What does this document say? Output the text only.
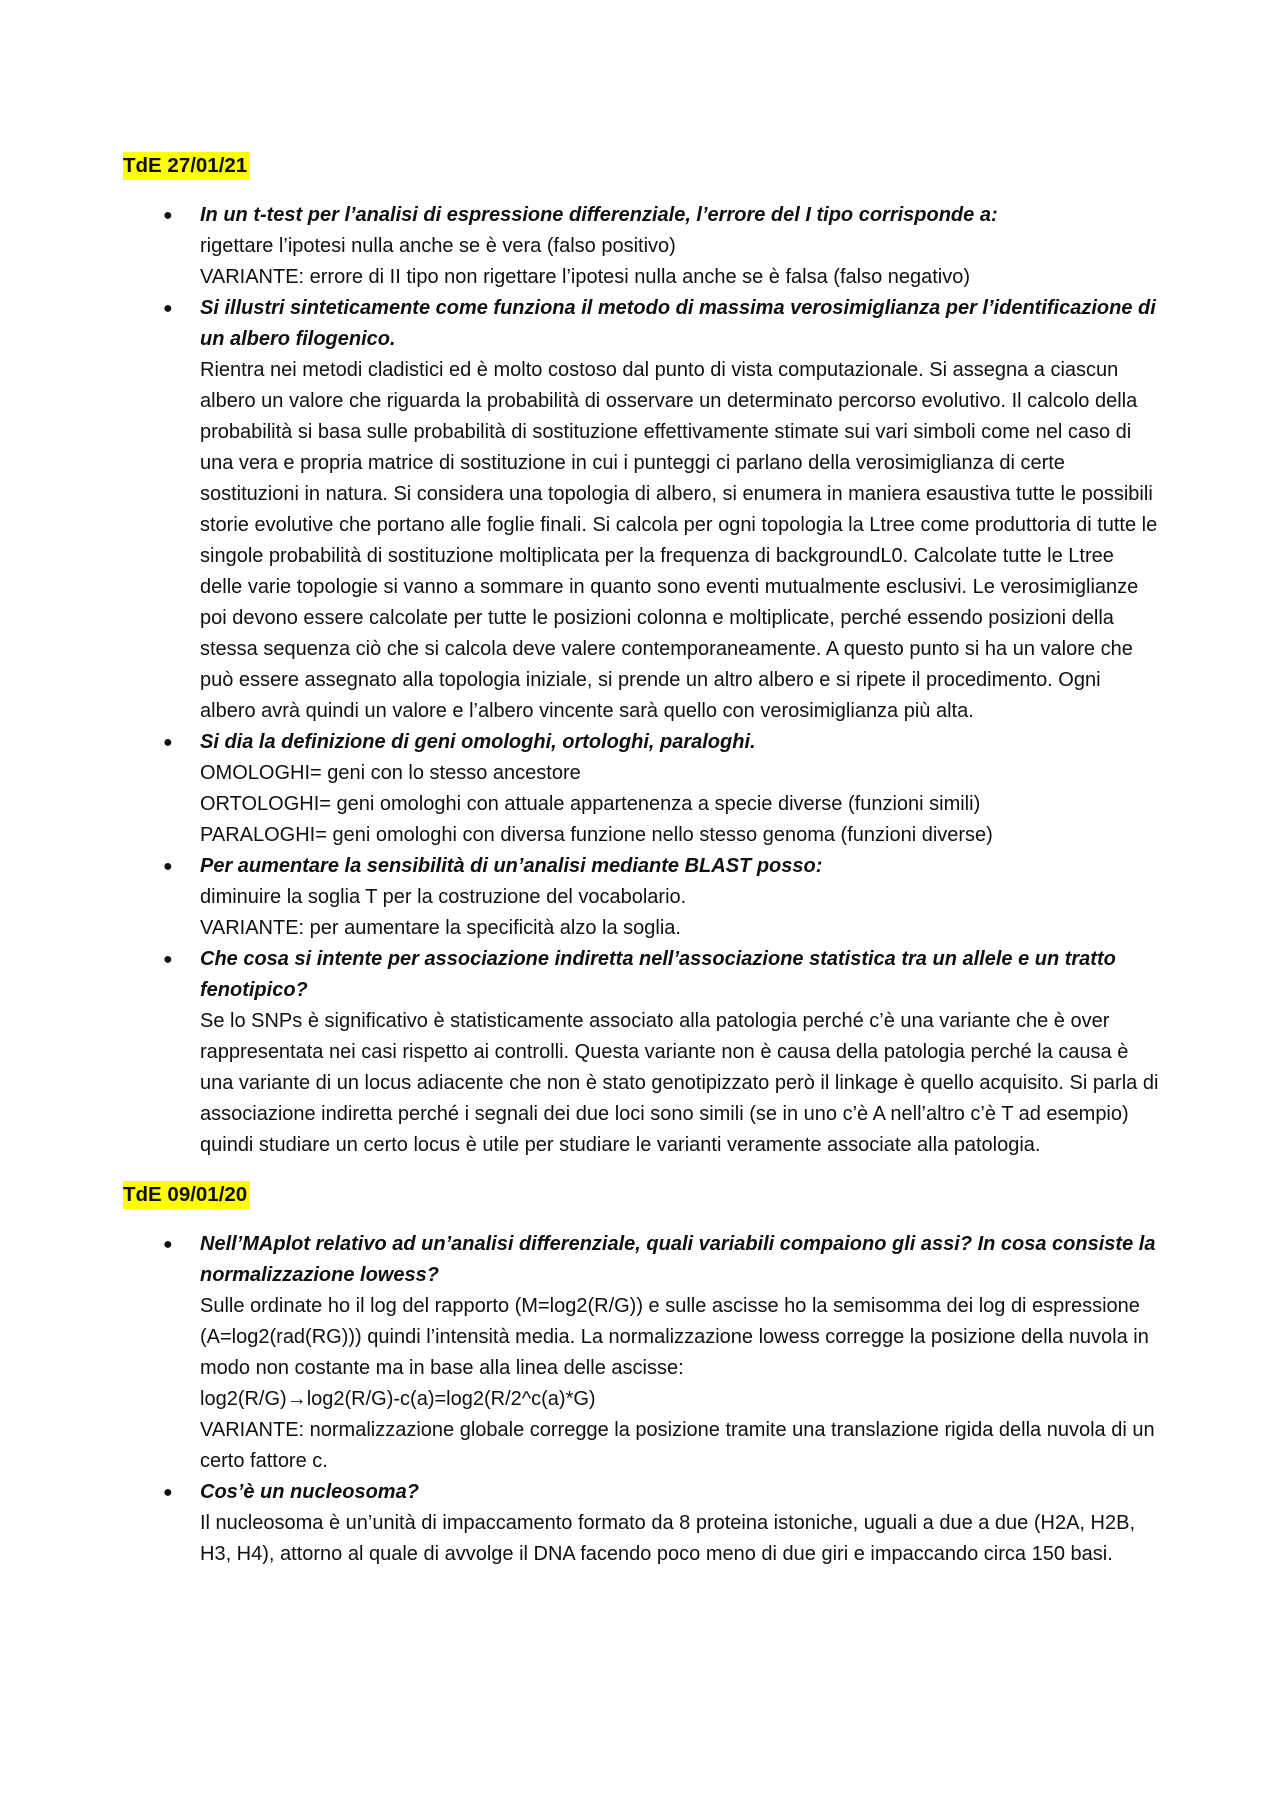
TdE 27/01/21
● In un t-test per l’analisi di espressione differenziale, l’errore del I tipo corrisponde a:

rigettare l’ipotesi nulla anche se è vera (falso positivo)

VARIANTE: errore di II tipo non rigettare l’ipotesi nulla anche se è falsa (falso negativo)

● Si illustri sinteticamente come funziona il metodo di massima verosimiglianza per l’identificazione di un albero filogenico.

Rientra nei metodi cladistici ed è molto costoso dal punto di vista computazionale. Si assegna a ciascun albero un valore che riguarda la probabilità di osservare un determinato percorso evolutivo. Il calcolo della probabilità si basa sulle probabilità di sostituzione effettivamente stimate sui vari simboli come nel caso di una vera e propria matrice di sostituzione in cui i punteggi ci parlano della verosimiglianza di certe sostituzioni in natura. Si considera una topologia di albero, si enumera in maniera esaustiva tutte le possibili storie evolutive che portano alle foglie finali. Si calcola per ogni topologia la Ltree come produttoria di tutte le singole probabilità di sostituzione moltiplicata per la frequenza di backgroundL0. Calcolate tutte le Ltree delle varie topologie si vanno a sommare in quanto sono eventi mutualmente esclusivi. Le verosimiglianze poi devono essere calcolate per tutte le posizioni colonna e moltiplicate, perché essendo posizioni della stessa sequenza ciò che si calcola deve valere contemporaneamente. A questo punto si ha un valore che può essere assegnato alla topologia iniziale, si prende un altro albero e si ripete il procedimento. Ogni albero avrà quindi un valore e l’albero vincente sarà quello con verosimiglianza più alta.

● Si dia la definizione di geni omologhi, ortologhi, paraloghi.

OMOLOGHI= geni con lo stesso ancestore

ORTOLOGHI= geni omologhi con attuale appartenenza a specie diverse (funzioni simili)

PARALOGHI= geni omologhi con diversa funzione nello stesso genoma (funzioni diverse)

● Per aumentare la sensibilità di un’analisi mediante BLAST posso:

diminuire la soglia T per la costruzione del vocabolario.

VARIANTE: per aumentare la specificità alzo la soglia.

● Che cosa si intente per associazione indiretta nell’associazione statistica tra un allele e un tratto fenotipico?

Se lo SNPs è significativo è statisticamente associato alla patologia perché c’è una variante che è over rappresentata nei casi rispetto ai controlli. Questa variante non è causa della patologia perché la causa è una variante di un locus adiacente che non è stato genotipizzato però il linkage è quello acquisito. Si parla di associazione indiretta perché i segnali dei due loci sono simili (se in uno c’è A nell’altro c’è T ad esempio) quindi studiare un certo locus è utile per studiare le varianti veramente associate alla patologia.

TdE 09/01/20
● Nell’MAplot relativo ad un’analisi differenziale, quali variabili compaiono gli assi? In cosa consiste la normalizzazione lowess?

Sulle ordinate ho il log del rapporto (M=log2(R/G)) e sulle ascisse ho la semisomma dei log di espressione (A=log2(rad(RG))) quindi l’intensità media. La normalizzazione lowess corregge la posizione della nuvola in modo non costante ma in base alla linea delle ascisse:

log2(R/G)→log2(R/G)-c(a)=log2(R/2^c(a)*G)

VARIANTE: normalizzazione globale corregge la posizione tramite una translazione rigida della nuvola di un certo fattore c.

● Cos’è un nucleosoma?

Il nucleosoma è un’unità di impaccamento formato da 8 proteina istoniche, uguali a due a due (H2A, H2B, H3, H4), attorno al quale di avvolge il DNA facendo poco meno di due giri e impaccando circa 150 basi.
